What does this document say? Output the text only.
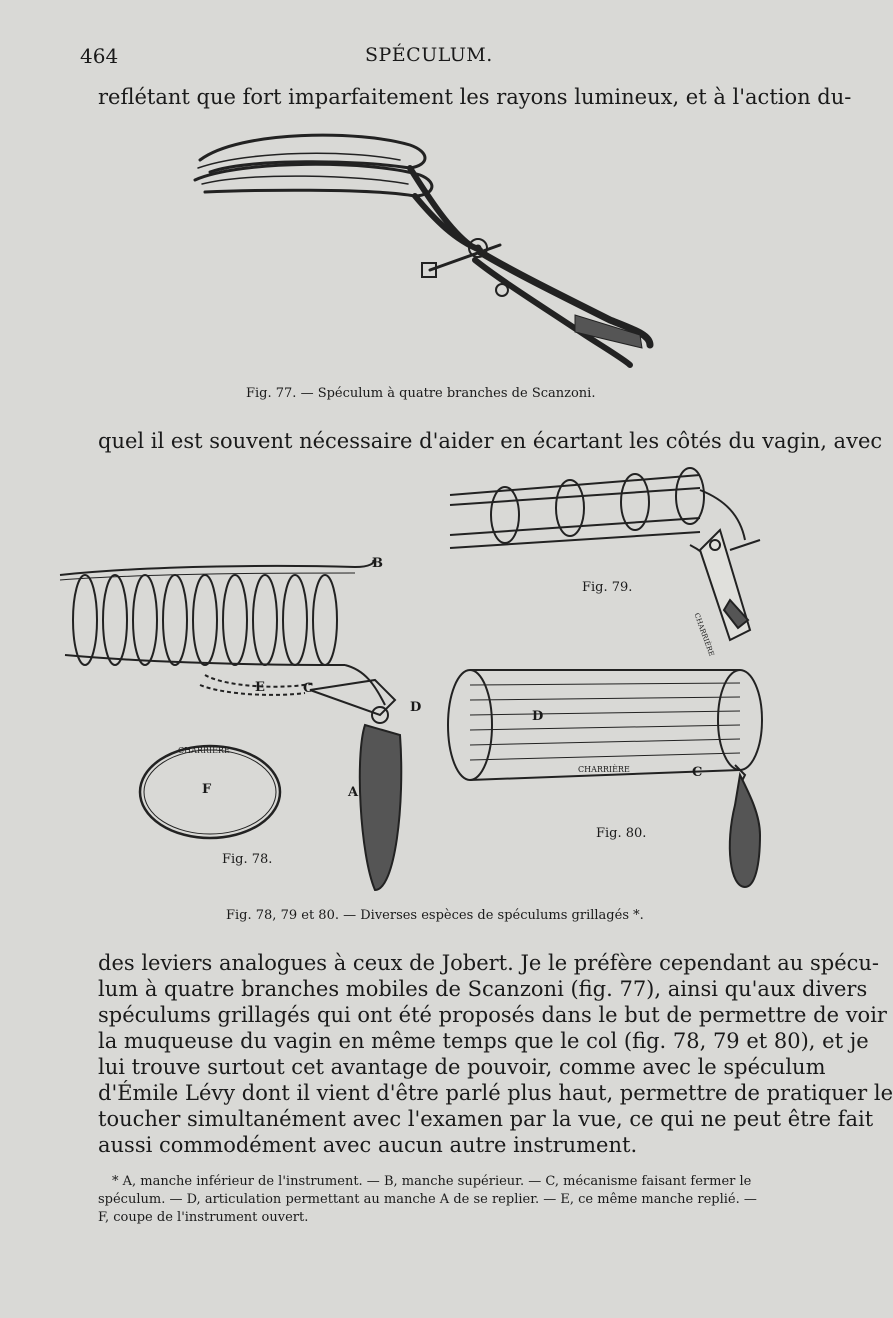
464	SPÉCULUM.
reflétant que fort imparfaitement les rayons lumineux, et à l'action du-
Fig. 77. — Spéculum à quatre branches de Scanzoni.
quel il est souvent nécessaire d'aider en écartant les côtés du vagin, avec
Fig. 79.
CHARRIÈRE
B
E	C
D
A
CHARRIÈRE
F
Fig. 78.
D
CHARRIÈRE	C
Fig. 80.
Fig. 78, 79 et 80. — Diverses espèces de spéculums grillagés *.
des leviers analogues à ceux de Jobert. Je le préfère cependant au spécu-
lum à quatre branches mobiles de Scanzoni (fig. 77), ainsi qu'aux divers
spéculums grillagés qui ont été proposés dans le but de permettre de voir
la muqueuse du vagin en même temps que le col (fig. 78, 79 et 80), et je
lui trouve surtout cet avantage de pouvoir, comme avec le spéculum
d'Émile Lévy dont il vient d'être parlé plus haut, permettre de pratiquer le
toucher simultanément avec l'examen par la vue, ce qui ne peut être fait
aussi commodément avec aucun autre instrument.
* A, manche inférieur de l'instrument. — B, manche supérieur. — C, mécanisme faisant fermer le
spéculum. — D, articulation permettant au manche A de se replier. — E, ce même manche replié. —
F, coupe de l'instrument ouvert.
